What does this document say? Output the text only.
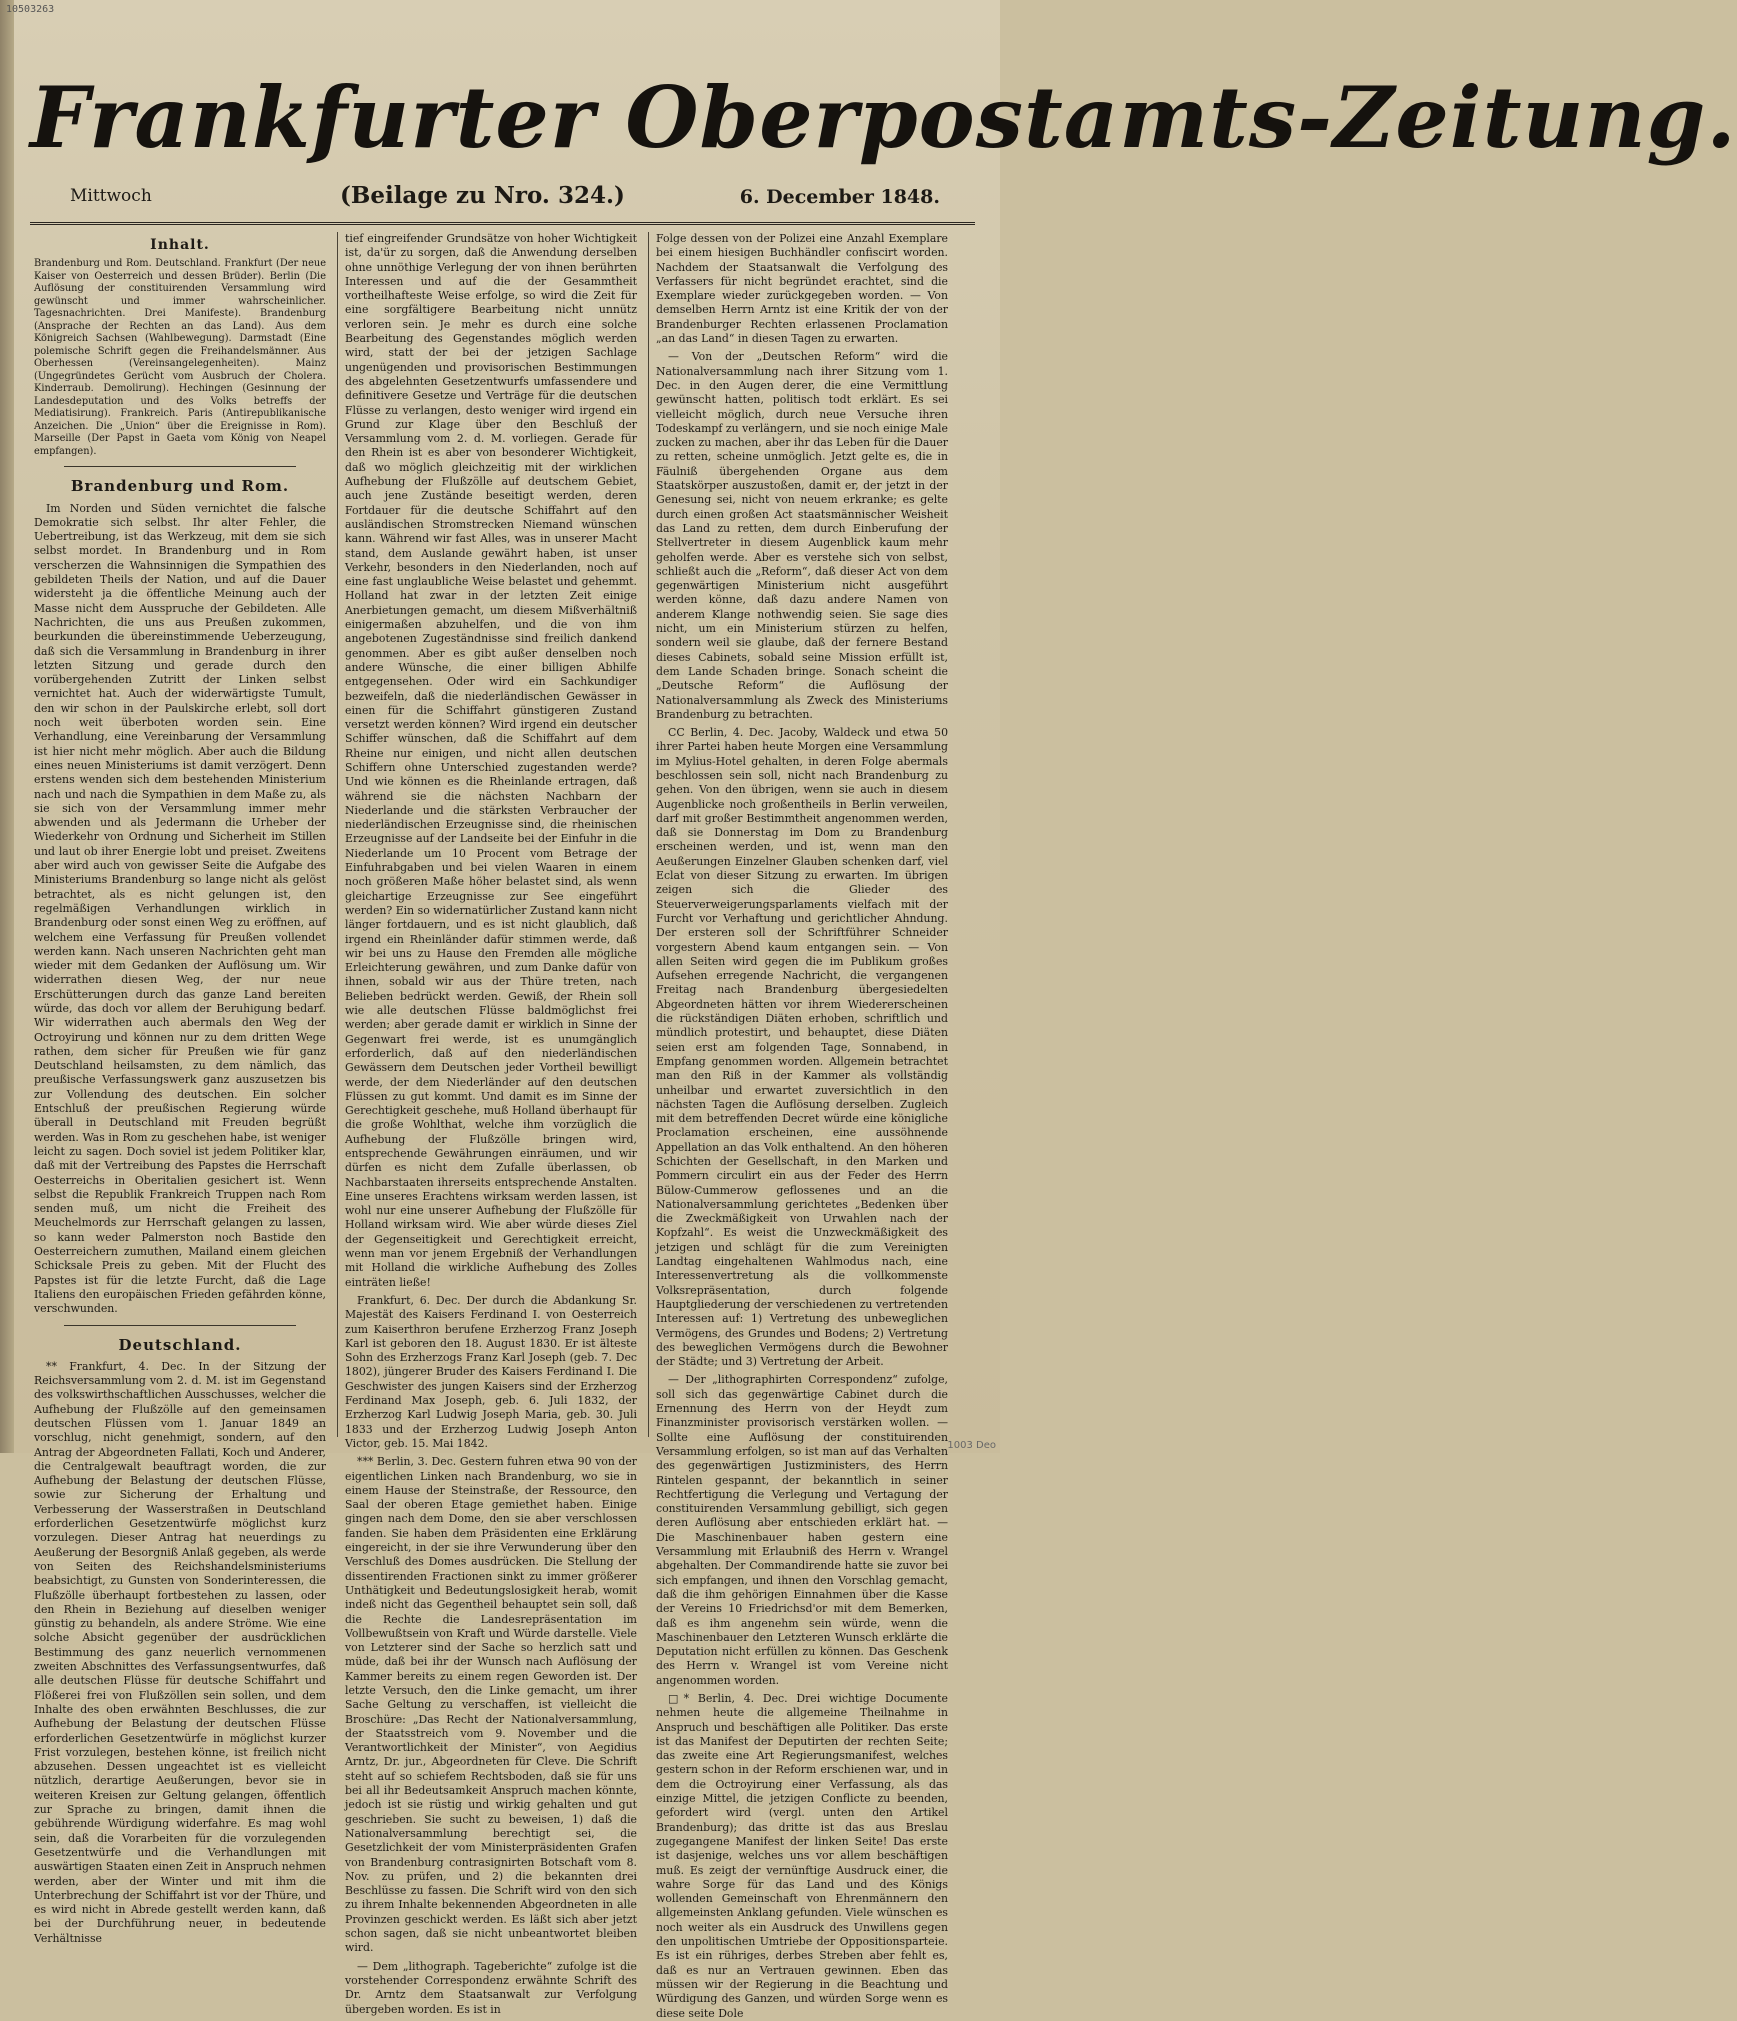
10503263
Frankfurter Oberpostamts-Zeitung.
Mittwoch	(Beilage zu Nro. 324.)	6. December 1848.
Inhalt.

Brandenburg und Rom. Deutschland. Frankfurt (Der neue Kaiser von Oesterreich und dessen Brüder). Berlin (Die Auflösung der constituirenden Versammlung wird gewünscht und immer wahrscheinlicher. Tagesnachrichten. Drei Manifeste). Brandenburg (Ansprache der Rechten an das Land). Aus dem Königreich Sachsen (Wahlbewegung). Darmstadt (Eine polemische Schrift gegen die Freihandelsmänner. Aus Oberhessen (Vereinsangelegenheiten). Mainz (Ungegründetes Gerücht vom Ausbruch der Cholera. Kinderraub. Demolirung). Hechingen (Gesinnung der Landesdeputation und des Volks betreffs der Mediatisirung). Frankreich. Paris (Antirepublikanische Anzeichen. Die „Union“ über die Ereignisse in Rom). Marseille (Der Papst in Gaeta vom König von Neapel empfangen).

Brandenburg und Rom.

Im Norden und Süden vernichtet die falsche Demokratie sich selbst. Ihr alter Fehler, die Uebertreibung, ist das Werkzeug, mit dem sie sich selbst mordet. In Brandenburg und in Rom verscherzen die Wahnsinnigen die Sympathien des gebildeten Theils der Nation, und auf die Dauer widersteht ja die öffentliche Meinung auch der Masse nicht dem Ausspruche der Gebildeten. Alle Nachrichten, die uns aus Preußen zukommen, beurkunden die übereinstimmende Ueberzeugung, daß sich die Versammlung in Brandenburg in ihrer letzten Sitzung und gerade durch den vorübergehenden Zutritt der Linken selbst vernichtet hat. Auch der widerwärtigste Tumult, den wir schon in der Paulskirche erlebt, soll dort noch weit überboten worden sein. Eine Verhandlung, eine Vereinbarung der Versammlung ist hier nicht mehr möglich. Aber auch die Bildung eines neuen Ministeriums ist damit verzögert. Denn erstens wenden sich dem bestehenden Ministerium nach und nach die Sympathien in dem Maße zu, als sie sich von der Versammlung immer mehr abwenden und als Jedermann die Urheber der Wiederkehr von Ordnung und Sicherheit im Stillen und laut ob ihrer Energie lobt und preiset. Zweitens aber wird auch von gewisser Seite die Aufgabe des Ministeriums Brandenburg so lange nicht als gelöst betrachtet, als es nicht gelungen ist, den regelmäßigen Verhandlungen wirklich in Brandenburg oder sonst einen Weg zu eröffnen, auf welchem eine Verfassung für Preußen vollendet werden kann. Nach unseren Nachrichten geht man wieder mit dem Gedanken der Auflösung um. Wir widerrathen diesen Weg, der nur neue Erschütterungen durch das ganze Land bereiten würde, das doch vor allem der Beruhigung bedarf. Wir widerrathen auch abermals den Weg der Octroyirung und können nur zu dem dritten Wege rathen, dem sicher für Preußen wie für ganz Deutschland heilsamsten, zu dem nämlich, das preußische Verfassungswerk ganz auszusetzen bis zur Vollendung des deutschen. Ein solcher Entschluß der preußischen Regierung würde überall in Deutschland mit Freuden begrüßt werden. Was in Rom zu geschehen habe, ist weniger leicht zu sagen. Doch soviel ist jedem Politiker klar, daß mit der Vertreibung des Papstes die Herrschaft Oesterreichs in Oberitalien gesichert ist. Wenn selbst die Republik Frankreich Truppen nach Rom senden muß, um nicht die Freiheit des Meuchelmords zur Herrschaft gelangen zu lassen, so kann weder Palmerston noch Bastide den Oesterreichern zumuthen, Mailand einem gleichen Schicksale Preis zu geben. Mit der Flucht des Papstes ist für die letzte Furcht, daß die Lage Italiens den europäischen Frieden gefährden könne, verschwunden.

Deutschland.

** Frankfurt, 4. Dec. In der Sitzung der Reichsversammlung vom 2. d. M. ist im Gegenstand des volkswirthschaftlichen Ausschusses, welcher die Aufhebung der Flußzölle auf den gemeinsamen deutschen Flüssen vom 1. Januar 1849 an vorschlug, nicht genehmigt, sondern, auf den Antrag der Abgeordneten Fallati, Koch und Anderer, die Centralgewalt beauftragt worden, die zur Aufhebung der Belastung der deutschen Flüsse, sowie zur Sicherung der Erhaltung und Verbesserung der Wasserstraßen in Deutschland erforderlichen Gesetzentwürfe möglichst kurz vorzulegen. Dieser Antrag hat neuerdings zu Aeußerung der Besorgniß Anlaß gegeben, als werde von Seiten des Reichshandelsministeriums beabsichtigt, zu Gunsten von Sonderinteressen, die Flußzölle überhaupt fortbestehen zu lassen, oder den Rhein in Beziehung auf dieselben weniger günstig zu behandeln, als andere Ströme. Wie eine solche Absicht gegenüber der ausdrücklichen Bestimmung des ganz neuerlich vernommenen zweiten Abschnittes des Verfassungsentwurfes, daß alle deutschen Flüsse für deutsche Schiffahrt und Flößerei frei von Flußzöllen sein sollen, und dem Inhalte des oben erwähnten Beschlusses, die zur Aufhebung der Belastung der deutschen Flüsse erforderlichen Gesetzentwürfe in möglichst kurzer Frist vorzulegen, bestehen könne, ist freilich nicht abzusehen. Dessen ungeachtet ist es vielleicht nützlich, derartige Aeußerungen, bevor sie in weiteren Kreisen zur Geltung gelangen, öffentlich zur Sprache zu bringen, damit ihnen die gebührende Würdigung widerfahre. Es mag wohl sein, daß die Vorarbeiten für die vorzulegenden Gesetzentwürfe und die Verhandlungen mit auswärtigen Staaten einen Zeit in Anspruch nehmen werden, aber der Winter und mit ihm die Unterbrechung der Schiffahrt ist vor der Thüre, und es wird nicht in Abrede gestellt werden kann, daß bei der Durchführung neuer, in bedeutende Verhältnisse

tief eingreifender Grundsätze von hoher Wichtigkeit ist, da'ür zu sorgen, daß die Anwendung derselben ohne unnöthige Verlegung der von ihnen berührten Interessen und auf die der Gesammtheit vortheilhafteste Weise erfolge, so wird die Zeit für eine sorgfältigere Bearbeitung nicht unnütz verloren sein. Je mehr es durch eine solche Bearbeitung des Gegenstandes möglich werden wird, statt der bei der jetzigen Sachlage ungenügenden und provisorischen Bestimmungen des abgelehnten Gesetzentwurfs umfassendere und definitivere Gesetze und Verträge für die deutschen Flüsse zu verlangen, desto weniger wird irgend ein Grund zur Klage über den Beschluß der Versammlung vom 2. d. M. vorliegen. Gerade für den Rhein ist es aber von besonderer Wichtigkeit, daß wo möglich gleichzeitig mit der wirklichen Aufhebung der Flußzölle auf deutschem Gebiet, auch jene Zustände beseitigt werden, deren Fortdauer für die deutsche Schiffahrt auf den ausländischen Stromstrecken Niemand wünschen kann. Während wir fast Alles, was in unserer Macht stand, dem Auslande gewährt haben, ist unser Verkehr, besonders in den Niederlanden, noch auf eine fast unglaubliche Weise belastet und gehemmt. Holland hat zwar in der letzten Zeit einige Anerbietungen gemacht, um diesem Mißverhältniß einigermaßen abzuhelfen, und die von ihm angebotenen Zugeständnisse sind freilich dankend genommen. Aber es gibt außer denselben noch andere Wünsche, die einer billigen Abhilfe entgegensehen. Oder wird ein Sachkundiger bezweifeln, daß die niederländischen Gewässer in einen für die Schiffahrt günstigeren Zustand versetzt werden können? Wird irgend ein deutscher Schiffer wünschen, daß die Schiffahrt auf dem Rheine nur einigen, und nicht allen deutschen Schiffern ohne Unterschied zugestanden werde? Und wie können es die Rheinlande ertragen, daß während sie die nächsten Nachbarn der Niederlande und die stärksten Verbraucher der niederländischen Erzeugnisse sind, die rheinischen Erzeugnisse auf der Landseite bei der Einfuhr in die Niederlande um 10 Procent vom Betrage der Einfuhrabgaben und bei vielen Waaren in einem noch größeren Maße höher belastet sind, als wenn gleichartige Erzeugnisse zur See eingeführt werden? Ein so widernatürlicher Zustand kann nicht länger fortdauern, und es ist nicht glaublich, daß irgend ein Rheinländer dafür stimmen werde, daß wir bei uns zu Hause den Fremden alle mögliche Erleichterung gewähren, und zum Danke dafür von ihnen, sobald wir aus der Thüre treten, nach Belieben bedrückt werden. Gewiß, der Rhein soll wie alle deutschen Flüsse baldmöglichst frei werden; aber gerade damit er wirklich in Sinne der Gegenwart frei werde, ist es unumgänglich erforderlich, daß auf den niederländischen Gewässern dem Deutschen jeder Vortheil bewilligt werde, der dem Niederländer auf den deutschen Flüssen zu gut kommt. Und damit es im Sinne der Gerechtigkeit geschehe, muß Holland überhaupt für die große Wohlthat, welche ihm vorzüglich die Aufhebung der Flußzölle bringen wird, entsprechende Gewährungen einräumen, und wir dürfen es nicht dem Zufalle überlassen, ob Nachbarstaaten ihrerseits entsprechende Anstalten. Eine unseres Erachtens wirksam werden lassen, ist wohl nur eine unserer Aufhebung der Flußzölle für Holland wirksam wird. Wie aber würde dieses Ziel der Gegenseitigkeit und Gerechtigkeit erreicht, wenn man vor jenem Ergebniß der Verhandlungen mit Holland die wirkliche Aufhebung des Zolles einträten ließe!

Frankfurt, 6. Dec. Der durch die Abdankung Sr. Majestät des Kaisers Ferdinand I. von Oesterreich zum Kaiserthron berufene Erzherzog Franz Joseph Karl ist geboren den 18. August 1830. Er ist älteste Sohn des Erzherzogs Franz Karl Joseph (geb. 7. Dec 1802), jüngerer Bruder des Kaisers Ferdinand I. Die Geschwister des jungen Kaisers sind der Erzherzog Ferdinand Max Joseph, geb. 6. Juli 1832, der Erzherzog Karl Ludwig Joseph Maria, geb. 30. Juli 1833 und der Erzherzog Ludwig Joseph Anton Victor, geb. 15. Mai 1842.

*** Berlin, 3. Dec. Gestern fuhren etwa 90 von der eigentlichen Linken nach Brandenburg, wo sie in einem Hause der Steinstraße, der Ressource, den Saal der oberen Etage gemiethet haben. Einige gingen nach dem Dome, den sie aber verschlossen fanden. Sie haben dem Präsidenten eine Erklärung eingereicht, in der sie ihre Verwunderung über den Verschluß des Domes ausdrücken. Die Stellung der dissentirenden Fractionen sinkt zu immer größerer Unthätigkeit und Bedeutungslosigkeit herab, womit indeß nicht das Gegentheil behauptet sein soll, daß die Rechte die Landesrepräsentation im Vollbewußtsein von Kraft und Würde darstelle. Viele von Letzterer sind der Sache so herzlich satt und müde, daß bei ihr der Wunsch nach Auflösung der Kammer bereits zu einem regen Geworden ist. Der letzte Versuch, den die Linke gemacht, um ihrer Sache Geltung zu verschaffen, ist vielleicht die Broschüre: „Das Recht der Nationalversammlung, der Staatsstreich vom 9. November und die Verantwortlichkeit der Minister“, von Aegidius Arntz, Dr. jur., Abgeordneten für Cleve. Die Schrift steht auf so schiefem Rechtsboden, daß sie für uns bei all ihr Bedeutsamkeit Anspruch machen könnte, jedoch ist sie rüstig und wirkig gehalten und gut geschrieben. Sie sucht zu beweisen, 1) daß die Nationalversammlung berechtigt sei, die Gesetzlichkeit der vom Ministerpräsidenten Grafen von Brandenburg contrasignirten Botschaft vom 8. Nov. zu prüfen, und 2) die bekannten drei Beschlüsse zu fassen. Die Schrift wird von den sich zu ihrem Inhalte bekennenden Abgeordneten in alle Provinzen geschickt werden. Es läßt sich aber jetzt schon sagen, daß sie nicht unbeantwortet bleiben wird.

— Dem „lithograph. Tageberichte“ zufolge ist die vorstehender Correspondenz erwähnte Schrift des Dr. Arntz dem Staatsanwalt zur Verfolgung übergeben worden. Es ist in

Folge dessen von der Polizei eine Anzahl Exemplare bei einem hiesigen Buchhändler confiscirt worden. Nachdem der Staatsanwalt die Verfolgung des Verfassers für nicht begründet erachtet, sind die Exemplare wieder zurückgegeben worden. — Von demselben Herrn Arntz ist eine Kritik der von der Brandenburger Rechten erlassenen Proclamation „an das Land“ in diesen Tagen zu erwarten.

— Von der „Deutschen Reform“ wird die Nationalversammlung nach ihrer Sitzung vom 1. Dec. in den Augen derer, die eine Vermittlung gewünscht hatten, politisch todt erklärt. Es sei vielleicht möglich, durch neue Versuche ihren Todeskampf zu verlängern, und sie noch einige Male zucken zu machen, aber ihr das Leben für die Dauer zu retten, scheine unmöglich. Jetzt gelte es, die in Fäulniß übergehenden Organe aus dem Staatskörper auszustoßen, damit er, der jetzt in der Genesung sei, nicht von neuem erkranke; es gelte durch einen großen Act staatsmännischer Weisheit das Land zu retten, dem durch Einberufung der Stellvertreter in diesem Augenblick kaum mehr geholfen werde. Aber es verstehe sich von selbst, schließt auch die „Reform“, daß dieser Act von dem gegenwärtigen Ministerium nicht ausgeführt werden könne, daß dazu andere Namen von anderem Klange nothwendig seien. Sie sage dies nicht, um ein Ministerium stürzen zu helfen, sondern weil sie glaube, daß der fernere Bestand dieses Cabinets, sobald seine Mission erfüllt ist, dem Lande Schaden bringe. Sonach scheint die „Deutsche Reform“ die Auflösung der Nationalversammlung als Zweck des Ministeriums Brandenburg zu betrachten.

CC Berlin, 4. Dec. Jacoby, Waldeck und etwa 50 ihrer Partei haben heute Morgen eine Versammlung im Mylius-Hotel gehalten, in deren Folge abermals beschlossen sein soll, nicht nach Brandenburg zu gehen. Von den übrigen, wenn sie auch in diesem Augenblicke noch großentheils in Berlin verweilen, darf mit großer Bestimmtheit angenommen werden, daß sie Donnerstag im Dom zu Brandenburg erscheinen werden, und ist, wenn man den Aeußerungen Einzelner Glauben schenken darf, viel Eclat von dieser Sitzung zu erwarten. Im übrigen zeigen sich die Glieder des Steuerverweigerungsparlaments vielfach mit der Furcht vor Verhaftung und gerichtlicher Ahndung. Der ersteren soll der Schriftführer Schneider vorgestern Abend kaum entgangen sein. — Von allen Seiten wird gegen die im Publikum großes Aufsehen erregende Nachricht, die vergangenen Freitag nach Brandenburg übergesiedelten Abgeordneten hätten vor ihrem Wiedererscheinen die rückständigen Diäten erhoben, schriftlich und mündlich protestirt, und behauptet, diese Diäten seien erst am folgenden Tage, Sonnabend, in Empfang genommen worden. Allgemein betrachtet man den Riß in der Kammer als vollständig unheilbar und erwartet zuversichtlich in den nächsten Tagen die Auflösung derselben. Zugleich mit dem betreffenden Decret würde eine königliche Proclamation erscheinen, eine aussöhnende Appellation an das Volk enthaltend. An den höheren Schichten der Gesellschaft, in den Marken und Pommern circulirt ein aus der Feder des Herrn Bülow-Cummerow geflossenes und an die Nationalversammlung gerichtetes „Bedenken über die Zweckmäßigkeit von Urwahlen nach der Kopfzahl“. Es weist die Unzweckmäßigkeit des jetzigen und schlägt für die zum Vereinigten Landtag eingehaltenen Wahlmodus nach, eine Interessenvertretung als die vollkommenste Volksrepräsentation, durch folgende Hauptgliederung der verschiedenen zu vertretenden Interessen auf: 1) Vertretung des unbeweglichen Vermögens, des Grundes und Bodens; 2) Vertretung des beweglichen Vermögens durch die Bewohner der Städte; und 3) Vertretung der Arbeit.

— Der „lithographirten Correspondenz“ zufolge, soll sich das gegenwärtige Cabinet durch die Ernennung des Herrn von der Heydt zum Finanzminister provisorisch verstärken wollen. — Sollte eine Auflösung der constituirenden Versammlung erfolgen, so ist man auf das Verhalten des gegenwärtigen Justizministers, des Herrn Rintelen gespannt, der bekanntlich in seiner Rechtfertigung die Verlegung und Vertagung der constituirenden Versammlung gebilligt, sich gegen deren Auflösung aber entschieden erklärt hat. — Die Maschinenbauer haben gestern eine Versammlung mit Erlaubniß des Herrn v. Wrangel abgehalten. Der Commandirende hatte sie zuvor bei sich empfangen, und ihnen den Vorschlag gemacht, daß die ihm gehörigen Einnahmen über die Kasse der Vereins 10 Friedrichsd'or mit dem Bemerken, daß es ihm angenehm sein würde, wenn die Maschinenbauer den Letzteren Wunsch erklärte die Deputation nicht erfüllen zu können. Das Geschenk des Herrn v. Wrangel ist vom Vereine nicht angenommen worden.

□* Berlin, 4. Dec. Drei wichtige Documente nehmen heute die allgemeine Theilnahme in Anspruch und beschäftigen alle Politiker. Das erste ist das Manifest der Deputirten der rechten Seite; das zweite eine Art Regierungsmanifest, welches gestern schon in der Reform erschienen war, und in dem die Octroyirung einer Verfassung, als das einzige Mittel, die jetzigen Conflicte zu beenden, gefordert wird (vergl. unten den Artikel Brandenburg); das dritte ist das aus Breslau zugegangene Manifest der linken Seite! Das erste ist dasjenige, welches uns vor allem beschäftigen muß. Es zeigt der vernünftige Ausdruck einer, die wahre Sorge für das Land und des Königs wollenden Gemeinschaft von Ehrenmännern den allgemeinsten Anklang gefunden. Viele wünschen es noch weiter als ein Ausdruck des Unwillens gegen den unpolitischen Umtriebe der Oppositionsparteie. Es ist ein rühriges, derbes Streben aber fehlt es, daß es nur an Vertrauen gewinnen. Eben das müssen wir der Regierung in die Beachtung und Würdigung des Ganzen, und würden Sorge wenn es diese seite Dole

1003 Deo
